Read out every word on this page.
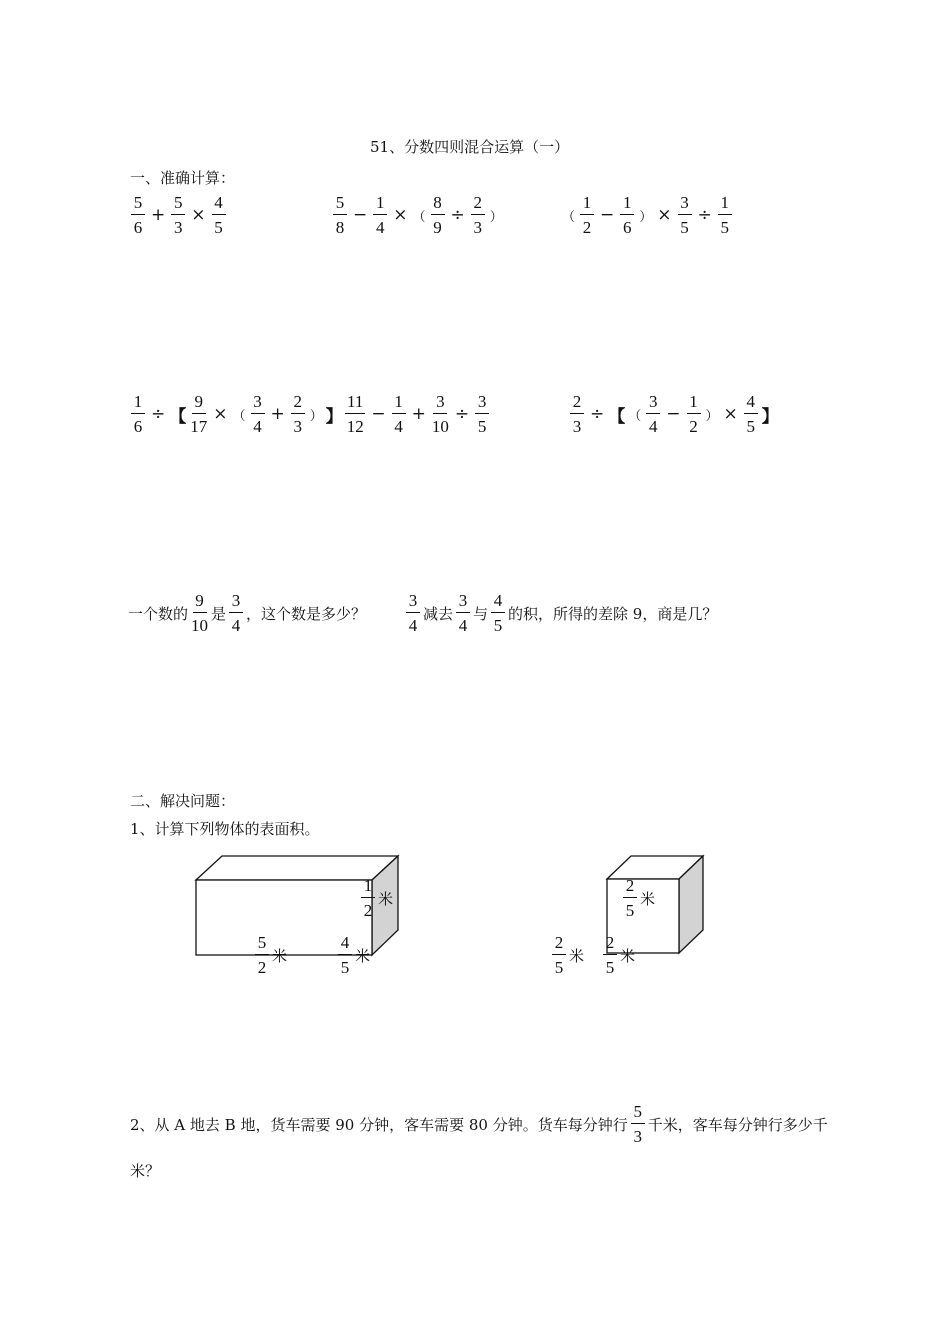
51、分数四则混合运算（一）
一、准确计算：
$\frac{5}{6} + \frac{5}{3} \times \frac{4}{5}$	$\frac{5}{8} - \frac{1}{4}$ × （ $\frac{8}{9} \div \frac{2}{3}$ ）	（ $\frac{1}{2} - \frac{1}{6}$ ） × $\frac{3}{5} \div \frac{1}{5}$
$\frac{1}{6}$ ÷ 【 $\frac{9}{17}$ × （ $\frac{3}{4} + \frac{2}{3}$ ） 】 $\frac{11}{12} - \frac{1}{4} + \frac{3}{10} \div \frac{3}{5}$	$\frac{2}{3}$ ÷ 【 （ $\frac{3}{4} - \frac{1}{2}$ ） × $\frac{4}{5}$ 】
一个数的 $\frac{9}{10}$ 是 $\frac{3}{4}$ ，这个数是多少？ $\frac{3}{4}$ 减去 $\frac{3}{4}$ 与 $\frac{4}{5}$ 的积，所得的差除 9，商是几？
二、解决问题：
1、计算下列物体的表面积。
$\frac{1}{2}$ 米
$\frac{5}{2}$ 米	$\frac{4}{5}$ 米
$\frac{2}{5}$ 米
$\frac{2}{5}$ 米 $\frac{2}{5}$ 米
2、从 A 地去 B 地，货车需要 90 分钟，客车需要 80 分钟。货车每分钟行 $\frac{5}{3}$ 千米，客车每分钟行多少千
米？
